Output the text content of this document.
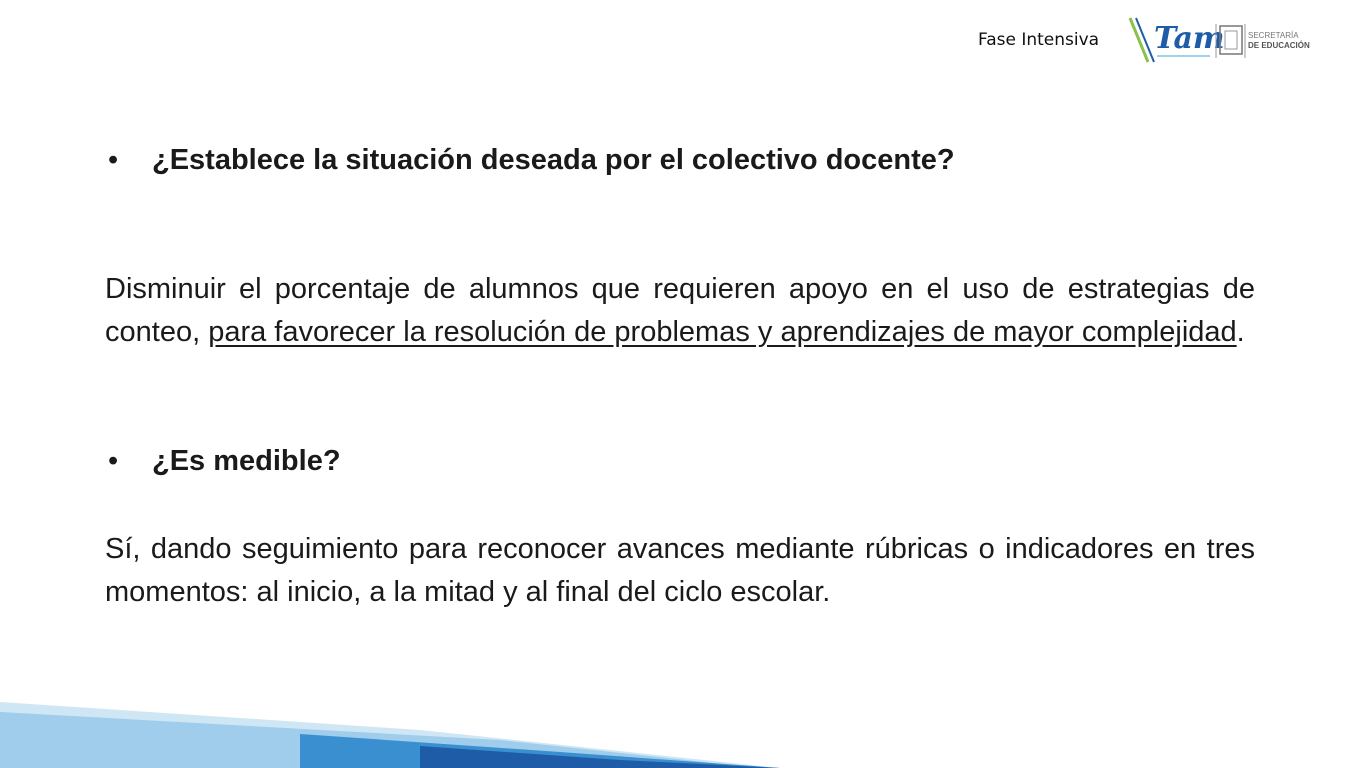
Fase Intensiva Tam	SECRETARÍA
DE EDUCACIÓN
•	¿Establece la situación deseada por el colectivo docente?
Disminuir el porcentaje de alumnos que requieren apoyo en el uso de estrategias de conteo, para favorecer la resolución de problemas y aprendizajes de mayor complejidad.
•	¿Es medible?
Sí, dando seguimiento para reconocer avances mediante rúbricas o indicadores en tres momentos: al inicio, a la mitad y al final del ciclo escolar.
